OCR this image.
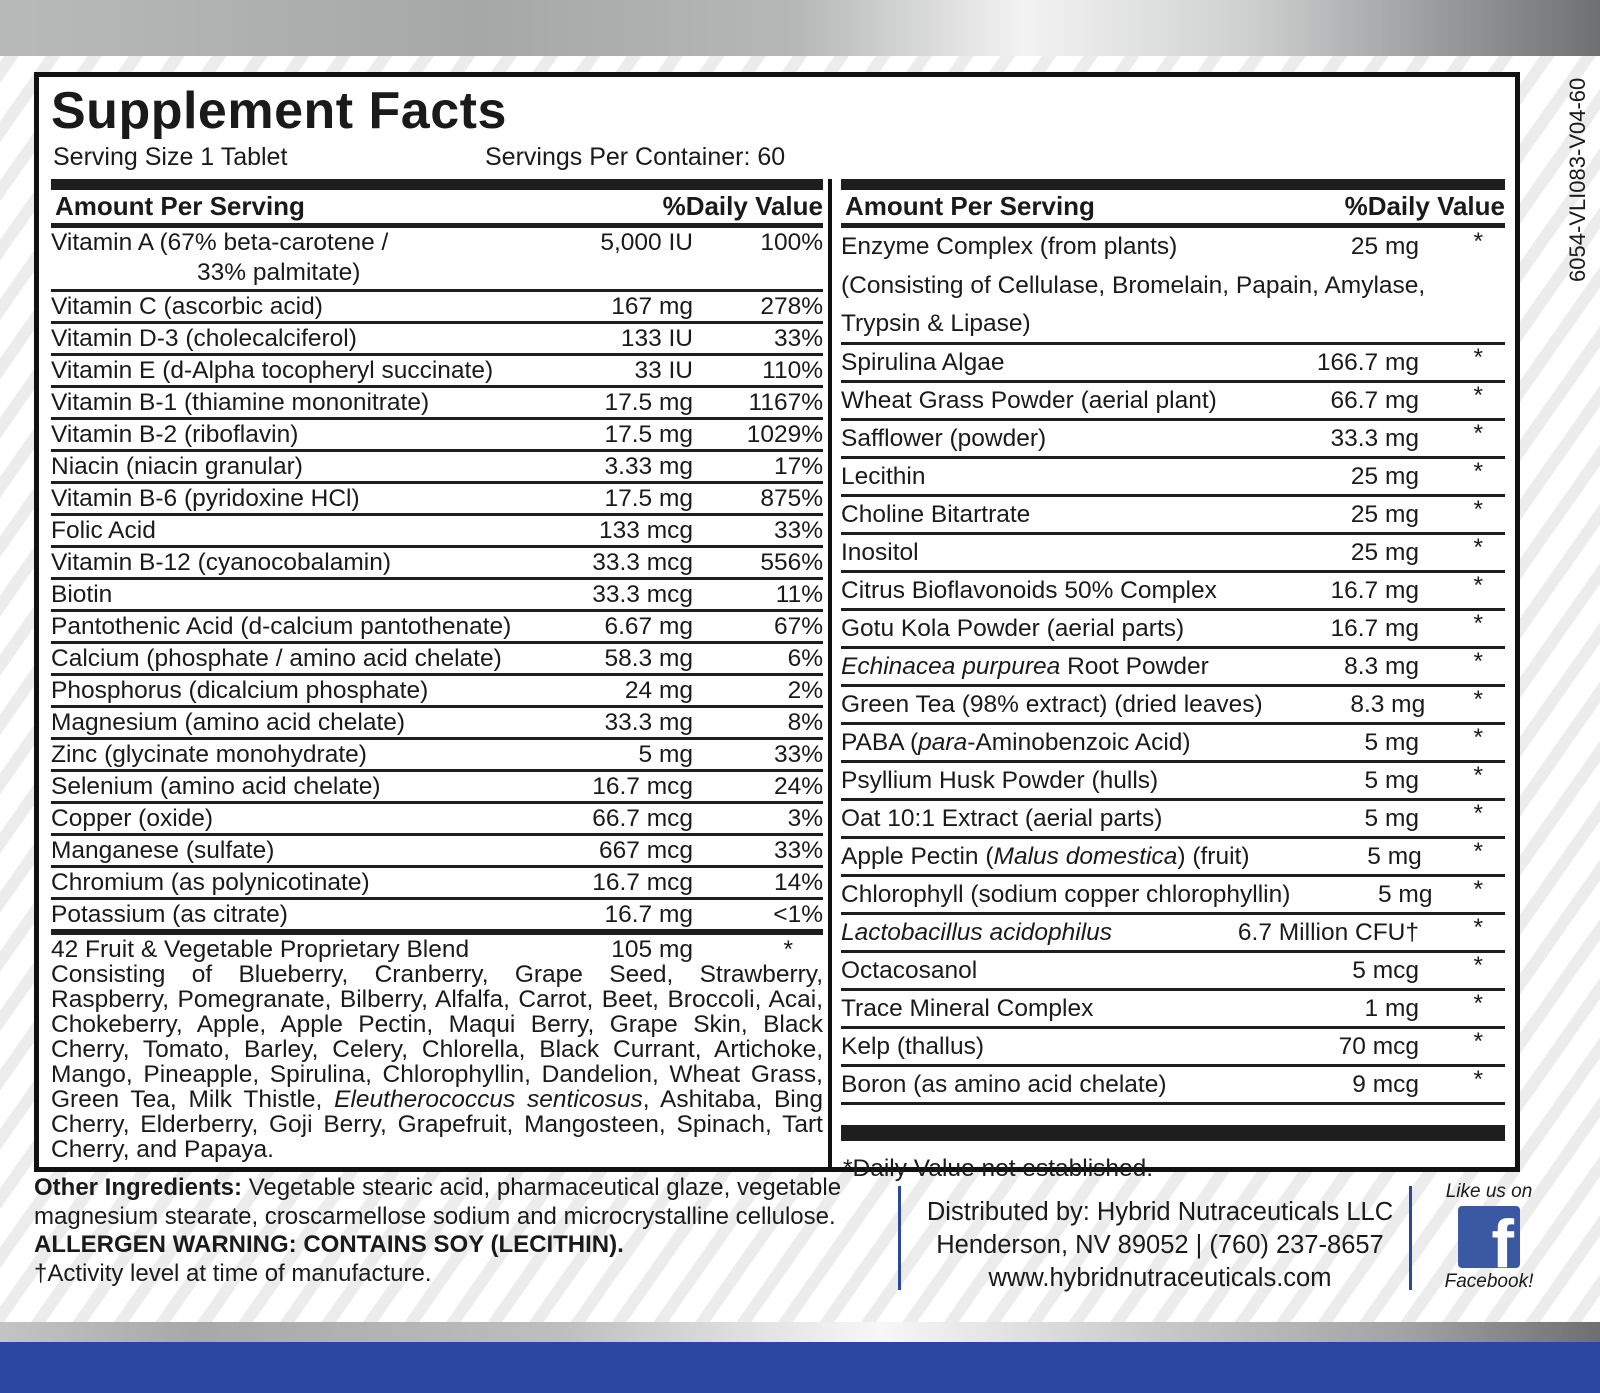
6054-VLI083-V04-60
Supplement Facts
Serving Size 1 Tablet	Servings Per Container: 60
Amount Per Serving	%Daily Value
Vitamin A (67% beta-carotene /
33% palmitate)
5,000 IU	100%
Vitamin C (ascorbic acid)	167 mg	278%
Vitamin D-3 (cholecalciferol)	133 IU	33%
Vitamin E (d-Alpha tocopheryl succinate)	33 IU	110%
Vitamin B-1 (thiamine mononitrate)	17.5 mg	1167%
Vitamin B-2 (riboflavin)	17.5 mg	1029%
Niacin (niacin granular)	3.33 mg	17%
Vitamin B-6 (pyridoxine HCl)	17.5 mg	875%
Folic Acid	133 mcg	33%
Vitamin B-12 (cyanocobalamin)	33.3 mcg	556%
Biotin	33.3 mcg	11%
Pantothenic Acid (d-calcium pantothenate)	6.67 mg	67%
Calcium (phosphate / amino acid chelate)	58.3 mg	6%
Phosphorus (dicalcium phosphate)	24 mg	2%
Magnesium (amino acid chelate)	33.3 mg	8%
Zinc (glycinate monohydrate)	5 mg	33%
Selenium (amino acid chelate)	16.7 mcg	24%
Copper (oxide)	66.7 mcg	3%
Manganese (sulfate)	667 mcg	33%
Chromium (as polynicotinate)	16.7 mcg	14%
Potassium (as citrate)	16.7 mg	<1%
42 Fruit & Vegetable Proprietary Blend	105 mg	*
Consisting of Blueberry, Cranberry, Grape Seed, Strawberry, Raspberry, Pomegranate, Bilberry, Alfalfa, Carrot, Beet, Broccoli, Acai, Chokeberry, Apple, Apple Pectin, Maqui Berry, Grape Skin, Black Cherry, Tomato, Barley, Celery, Chlorella, Black Currant, Artichoke, Mango, Pineapple, Spirulina, Chlorophyllin, Dandelion, Wheat Grass, Green Tea, Milk Thistle, Eleutherococcus senticosus, Ashitaba, Bing Cherry, Elderberry, Goji Berry, Grapefruit, Mangosteen, Spinach, Tart Cherry, and Papaya.
Amount Per Serving	%Daily Value
Enzyme Complex (from plants)	25 mg	*
(Consisting of Cellulase, Bromelain, Papain, Amylase,
Trypsin & Lipase)
Spirulina Algae	166.7 mg	*
Wheat Grass Powder (aerial plant)	66.7 mg	*
Safflower (powder)	33.3 mg	*
Lecithin	25 mg	*
Choline Bitartrate	25 mg	*
Inositol	25 mg	*
Citrus Bioflavonoids 50% Complex	16.7 mg	*
Gotu Kola Powder (aerial parts)	16.7 mg	*
Echinacea purpurea Root Powder	8.3 mg	*
Green Tea (98% extract) (dried leaves)	8.3 mg	*
PABA (para-Aminobenzoic Acid)	5 mg	*
Psyllium Husk Powder (hulls)	5 mg	*
Oat 10:1 Extract (aerial parts)	5 mg	*
Apple Pectin (Malus domestica) (fruit)	5 mg	*
Chlorophyll (sodium copper chlorophyllin)	5 mg	*
Lactobacillus acidophilus	6.7 Million CFU†	*
Octacosanol	5 mcg	*
Trace Mineral Complex	1 mg	*
Kelp (thallus)	70 mcg	*
Boron (as amino acid chelate)	9 mcg	*
*Daily Value not established.
Other Ingredients: Vegetable stearic acid, pharmaceutical glaze, vegetable magnesium stearate, croscarmellose sodium and microcrystalline cellulose.
ALLERGEN WARNING: CONTAINS SOY (LECITHIN).
†Activity level at time of manufacture.
Distributed by: Hybrid Nutraceuticals LLC
Henderson, NV 89052 | (760) 237-8657
www.hybridnutraceuticals.com
Like us on
f
Facebook!
